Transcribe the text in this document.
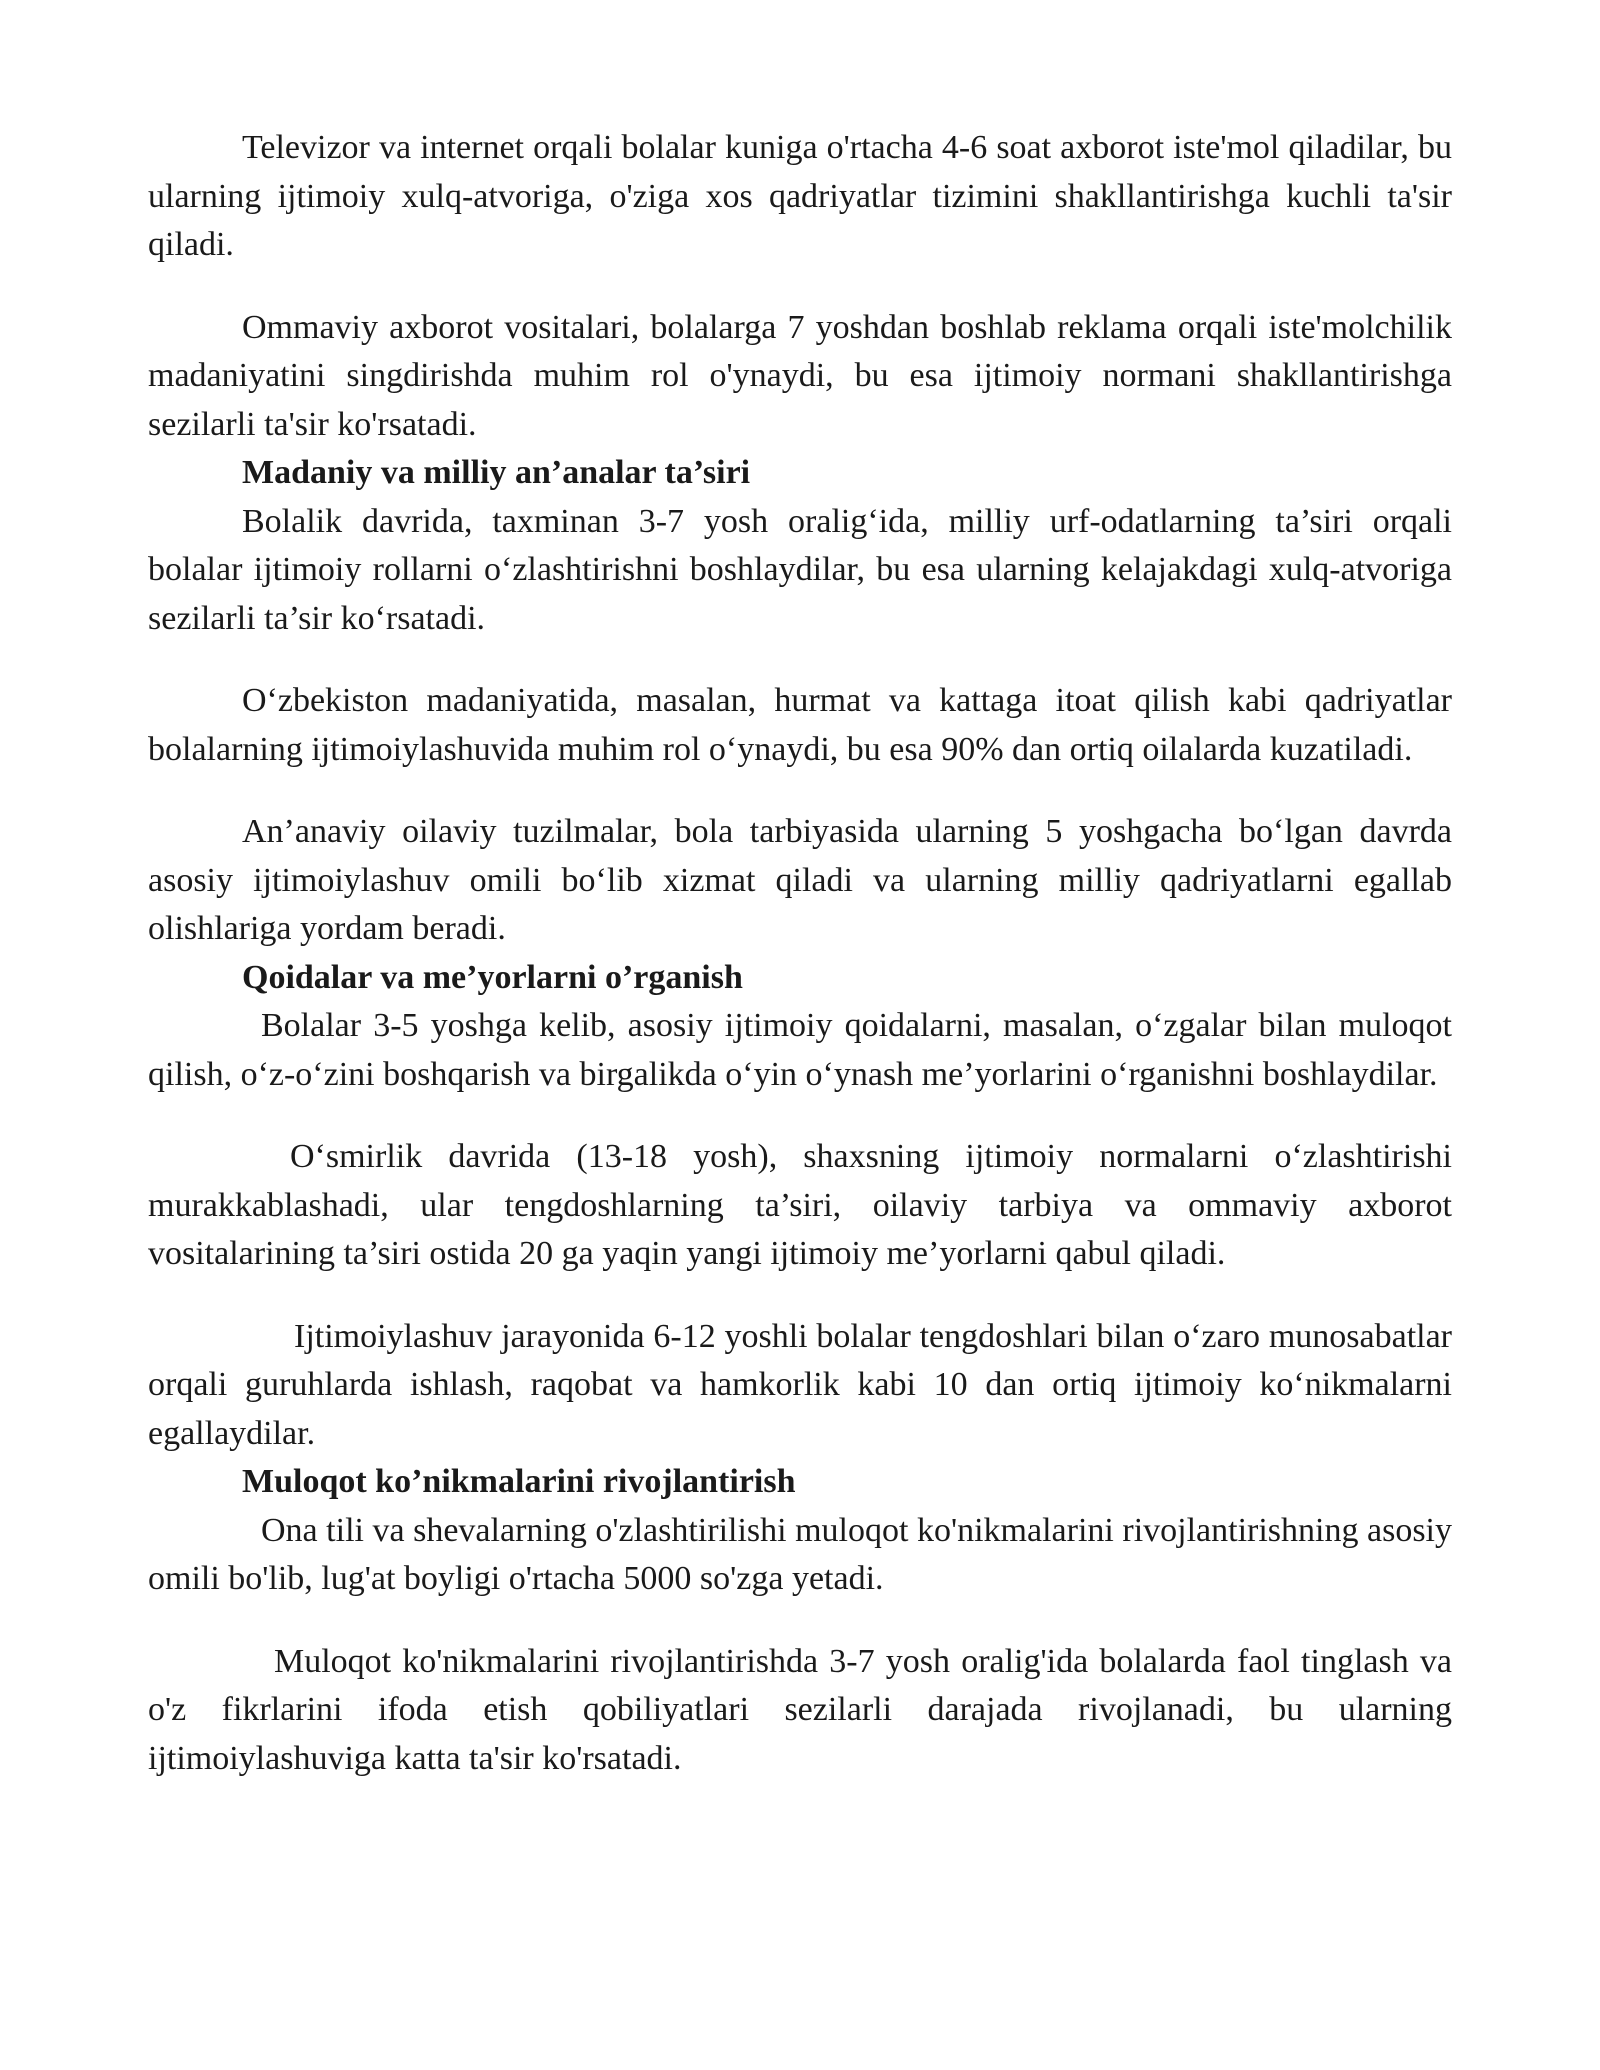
Televizor va internet orqali bolalar kuniga o'rtacha 4-6 soat axborot iste'mol qiladilar, bu ularning ijtimoiy xulq-atvoriga, o'ziga xos qadriyatlar tizimini shakllantirishga kuchli ta'sir qiladi.

Ommaviy axborot vositalari, bolalarga 7 yoshdan boshlab reklama orqali iste'molchilik madaniyatini singdirishda muhim rol o'ynaydi, bu esa ijtimoiy normani shakllantirishga sezilarli ta'sir ko'rsatadi.

Madaniy va milliy an’analar ta’siri

Bolalik davrida, taxminan 3-7 yosh oralig‘ida, milliy urf-odatlarning ta’siri orqali bolalar ijtimoiy rollarni o‘zlashtirishni boshlaydilar, bu esa ularning kelajakdagi xulq-atvoriga sezilarli ta’sir ko‘rsatadi.

O‘zbekiston madaniyatida, masalan, hurmat va kattaga itoat qilish kabi qadriyatlar bolalarning ijtimoiylashuvida muhim rol o‘ynaydi, bu esa 90% dan ortiq oilalarda kuzatiladi.

An’anaviy oilaviy tuzilmalar, bola tarbiyasida ularning 5 yoshgacha bo‘lgan davrda asosiy ijtimoiylashuv omili bo‘lib xizmat qiladi va ularning milliy qadriyatlarni egallab olishlariga yordam beradi.

Qoidalar va me’yorlarni o’rganish

Bolalar 3-5 yoshga kelib, asosiy ijtimoiy qoidalarni, masalan, o‘zgalar bilan muloqot qilish, o‘z-o‘zini boshqarish va birgalikda o‘yin o‘ynash me’yorlarini o‘rganishni boshlaydilar.

O‘smirlik davrida (13-18 yosh), shaxsning ijtimoiy normalarni o‘zlashtirishi murakkablashadi, ular tengdoshlarning ta’siri, oilaviy tarbiya va ommaviy axborot vositalarining ta’siri ostida 20 ga yaqin yangi ijtimoiy me’yorlarni qabul qiladi.

Ijtimoiylashuv jarayonida 6-12 yoshli bolalar tengdoshlari bilan o‘zaro munosabatlar orqali guruhlarda ishlash, raqobat va hamkorlik kabi 10 dan ortiq ijtimoiy ko‘nikmalarni egallaydilar.

Muloqot ko’nikmalarini rivojlantirish

Ona tili va shevalarning o'zlashtirilishi muloqot ko'nikmalarini rivojlantirishning asosiy omili bo'lib, lug'at boyligi o'rtacha 5000 so'zga yetadi.

Muloqot ko'nikmalarini rivojlantirishda 3-7 yosh oralig'ida bolalarda faol tinglash va o'z fikrlarini ifoda etish qobiliyatlari sezilarli darajada rivojlanadi, bu ularning ijtimoiylashuviga katta ta'sir ko'rsatadi.
